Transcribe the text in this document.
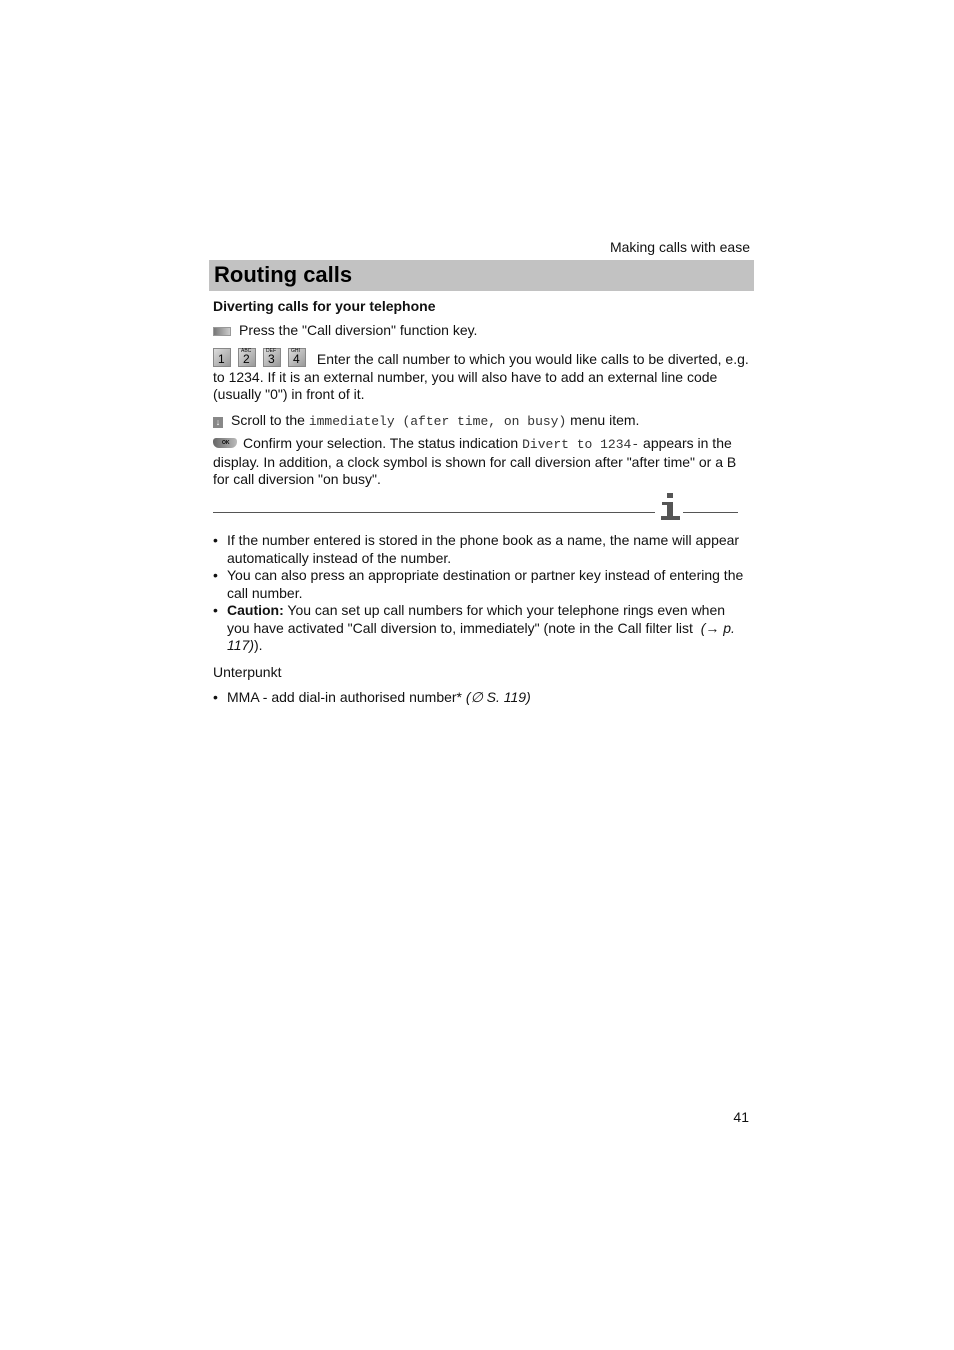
Making calls with ease
Routing calls
Diverting calls for your telephone
Press the "Call diversion" function key.
1
ABC
2
DEF
3
GHI
4 Enter the call number to which you would like calls to be diverted, e.g. to 1234. If it is an external number, you will also have to add an external line code (usually "0") in front of it.
↓ Scroll to the immediately (after time, on busy) menu item.
OK Confirm your selection. The status indication Divert to 1234- appears in the display. In addition, a clock symbol is shown for call diversion after "after time" or a B for call diversion "on busy".
• If the number entered is stored in the phone book as a name, the name will appear automatically instead of the number.
• You can also press an appropriate destination or partner key instead of entering the call number.
• Caution: You can set up call numbers for which your telephone rings even when you have activated "Call diversion to, immediately" (note in the Call filter list (→ p. 117)).
Unterpunkt
• MMA - add dial-in authorised number* (∅ S. 119)
41
